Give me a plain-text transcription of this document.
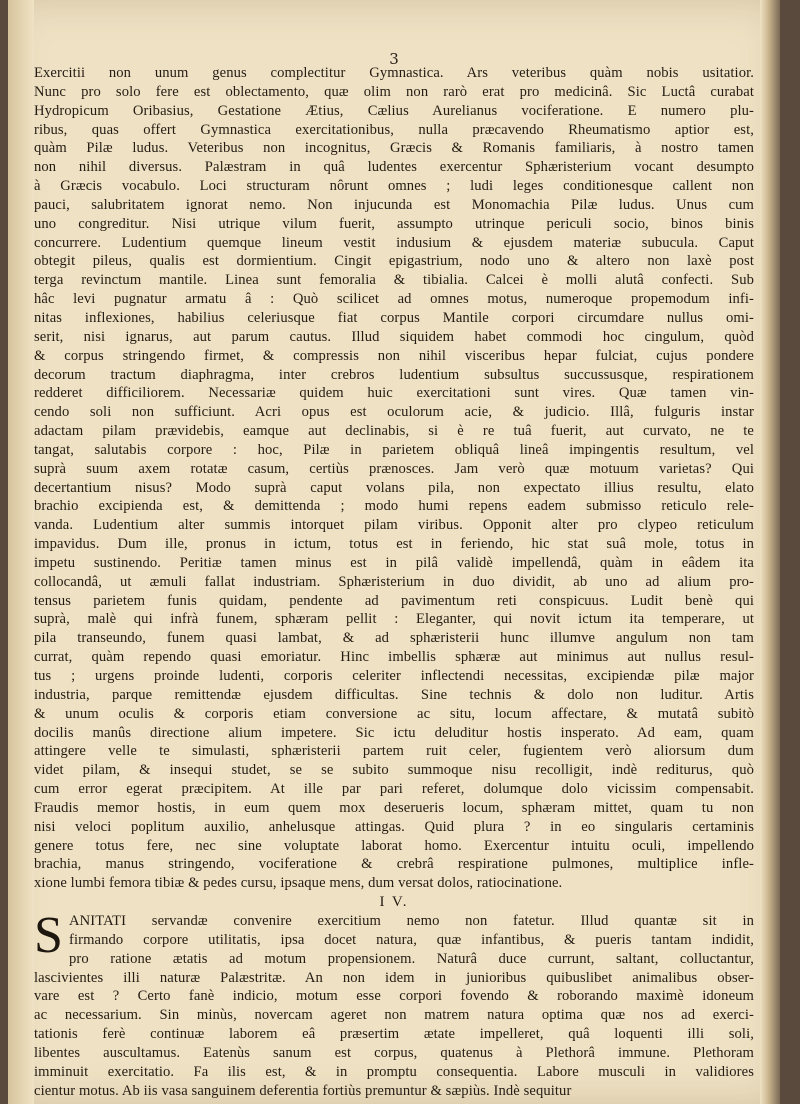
3
Exercitii non unum genus complectitur Gymnastica. Ars veteribus quàm nobis usitatior.
Nunc pro solo fere est oblectamento, quæ olim non rarò erat pro medicinâ. Sic Luctâ curabat
Hydropicum Oribasius, Gestatione Ætius, Cælius Aurelianus vociferatione. E numero plu-
ribus, quas offert Gymnastica exercitationibus, nulla præcavendo Rheumatismo aptior est,
quàm Pilæ ludus. Veteribus non incognitus, Græcis & Romanis familiaris, à nostro tamen
non nihil diversus. Palæstram in quâ ludentes exercentur Sphæristerium vocant desumpto
à Græcis vocabulo. Loci structuram nôrunt omnes ; ludi leges conditionesque callent non
pauci, salubritatem ignorat nemo. Non injucunda est Monomachia Pilæ ludus. Unus cum
uno congreditur. Nisi utrique vilum fuerit, assumpto utrinque periculi socio, binos binis
concurrere. Ludentium quemque lineum vestit indusium & ejusdem materiæ subucula. Caput
obtegit pileus, qualis est dormientium. Cingit epigastrium, nodo uno & altero non laxè post
terga revinctum mantile. Linea sunt femoralia & tibialia. Calcei è molli alutâ confecti. Sub
hâc levi pugnatur armatu â : Quò scilicet ad omnes motus, numeroque propemodum infi-
nitas inflexiones, habilius celeriusque fiat corpus Mantile corpori circumdare nullus omi-
serit, nisi ignarus, aut parum cautus. Illud siquidem habet commodi hoc cingulum, quòd
& corpus stringendo firmet, & compressis non nihil visceribus hepar fulciat, cujus pondere
decorum tractum diaphragma, inter crebros ludentium subsultus succussusque, respirationem
redderet difficiliorem. Necessariæ quidem huic exercitationi sunt vires. Quæ tamen vin-
cendo soli non sufficiunt. Acri opus est oculorum acie, & judicio. Illâ, fulguris instar
adactam pilam prævidebis, eamque aut declinabis, si è re tuâ fuerit, aut curvato, ne te
tangat, salutabis corpore : hoc, Pilæ in parietem obliquâ lineâ impingentis resultum, vel
suprà suum axem rotatæ casum, certiùs prænosces. Jam verò quæ motuum varietas? Qui
decertantium nisus? Modo suprà caput volans pila, non expectato illius resultu, elato
brachio excipienda est, & demittenda ; modo humi repens eadem submisso reticulo rele-
vanda. Ludentium alter summis intorquet pilam viribus. Opponit alter pro clypeo reticulum
impavidus. Dum ille, pronus in ictum, totus est in feriendo, hic stat suâ mole, totus in
impetu sustinendo. Peritiæ tamen minus est in pilâ validè impellendâ, quàm in eâdem ita
collocandâ, ut æmuli fallat industriam. Sphæristerium in duo dividit, ab uno ad alium pro-
tensus parietem funis quidam, pendente ad pavimentum reti conspicuus. Ludit benè qui
suprà, malè qui infrà funem, sphæram pellit : Eleganter, qui novit ictum ita temperare, ut
pila transeundo, funem quasi lambat, & ad sphæristerii hunc illumve angulum non tam
currat, quàm rependo quasi emoriatur. Hinc imbellis sphæræ aut minimus aut nullus resul-
tus ; urgens proinde ludenti, corporis celeriter inflectendi necessitas, excipiendæ pilæ major
industria, parque remittendæ ejusdem difficultas. Sine technis & dolo non luditur. Artis
& unum oculis & corporis etiam conversione ac situ, locum affectare, & mutatâ subitò
docilis manûs directione alium impetere. Sic ictu deluditur hostis insperato. Ad eam, quam
attingere velle te simulasti, sphæristerii partem ruit celer, fugientem verò aliorsum dum
videt pilam, & insequi studet, se se subito summoque nisu recolligit, indè rediturus, quò
cum error egerat præcipitem. At ille par pari referet, dolumque dolo vicissim compensabit.
Fraudis memor hostis, in eum quem mox deserueris locum, sphæram mittet, quam tu non
nisi veloci poplitum auxilio, anhelusque attingas. Quid plura ? in eo singularis certaminis
genere totus fere, nec sine voluptate laborat homo. Exercentur intuitu oculi, impellendo
brachia, manus stringendo, vociferatione & crebrâ respiratione pulmones, multiplice infle-
xione lumbi femora tibiæ & pedes cursu, ipsaque mens, dum versat dolos, ratiocinatione.
I V.
S ANITATI servandæ convenire exercitium nemo non fatetur. Illud quantæ sit in
firmando corpore utilitatis, ipsa docet natura, quæ infantibus, & pueris tantam indidit,
pro ratione ætatis ad motum propensionem. Naturâ duce currunt, saltant, colluctantur,
lascivientes illi naturæ Palæstritæ. An non idem in junioribus quibuslibet animalibus obser-
vare est ? Certo fanè indicio, motum esse corpori fovendo & roborando maximè idoneum
ac necessarium. Sin minùs, novercam ageret non matrem natura optima quæ nos ad exerci-
tationis ferè continuæ laborem eâ præsertim ætate impelleret, quâ loquenti illi soli,
libentes auscultamus. Eatenùs sanum est corpus, quatenus à Plethorâ immune. Plethoram
imminuit exercitatio. Fa ilis est, & in promptu consequentia. Labore musculi in validiores
cientur motus. Ab iis vasa sanguinem deferentia fortiùs premuntur & sæpiùs. Indè sequitur
